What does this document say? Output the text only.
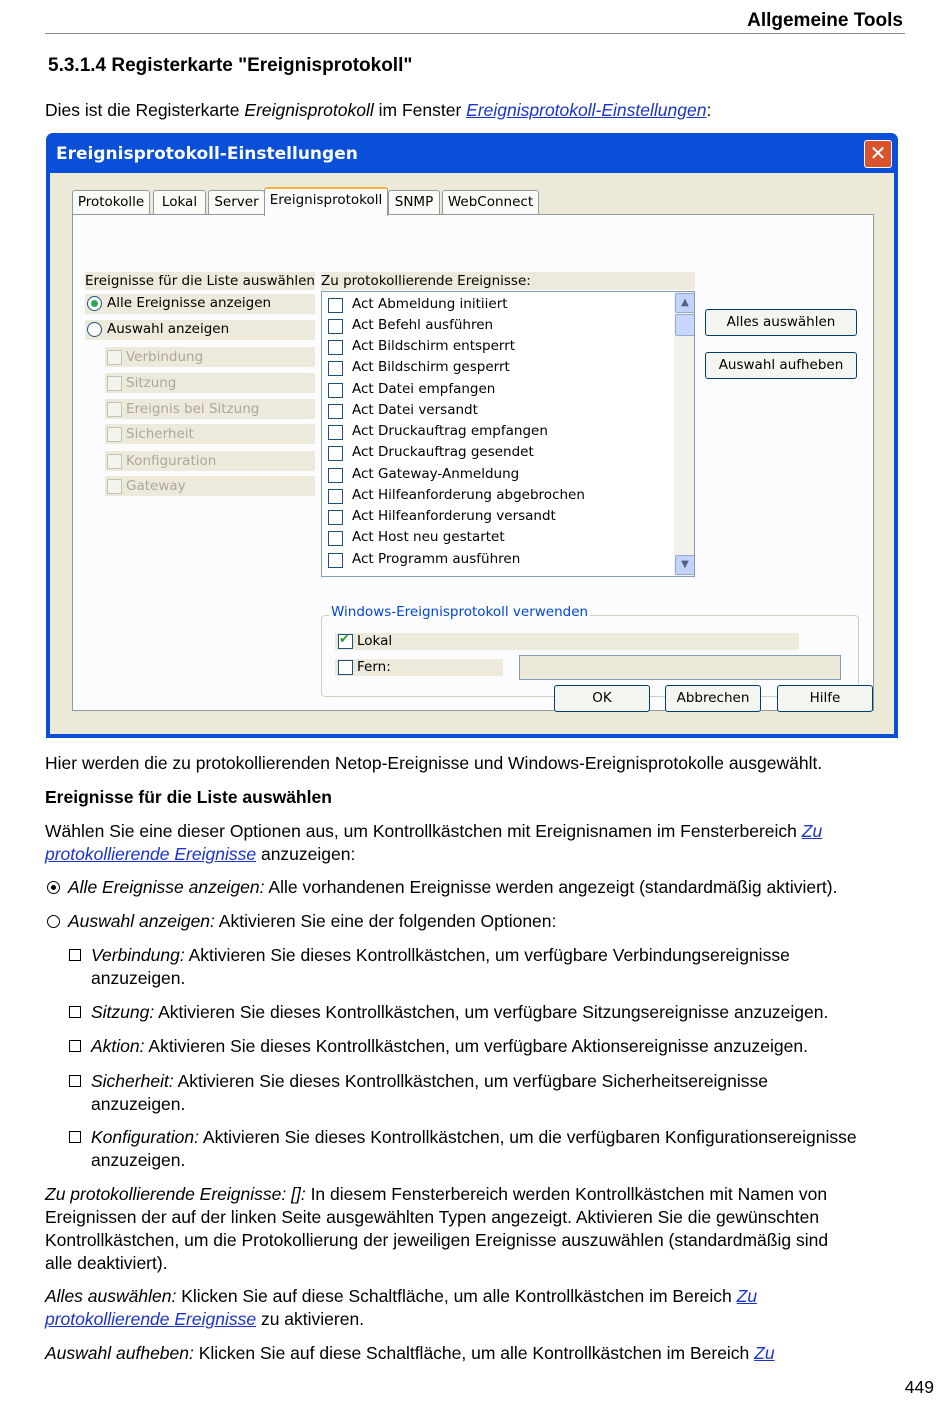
Allgemeine Tools
5.3.1.4 Registerkarte "Ereignisprotokoll"
Dies ist die Registerkarte Ereignisprotokoll im Fenster Ereignisprotokoll-Einstellungen:
Ereignisprotokoll-Einstellungen	✕
Protokolle	Lokal	Server Ereignisprotokoll SNMP	WebConnect
Ereignisse für die Liste auswählen Zu protokollierende Ereignisse:
Alle Ereignisse anzeigen
Auswahl anzeigen
Verbindung
Sitzung
Ereignis bei Sitzung
Sicherheit
Konfiguration
Gateway
Act Abmeldung initiiert
Act Befehl ausführen
Act Bildschirm entsperrt
Act Bildschirm gesperrt
Act Datei empfangen
Act Datei versandt
Act Druckauftrag empfangen
Act Druckauftrag gesendet
Act Gateway-Anmeldung
Act Hilfeanforderung abgebrochen
Act Hilfeanforderung versandt
Act Host neu gestartet
Act Programm ausführen
▲
▼
Alles auswählen
Auswahl aufheben
Windows-Ereignisprotokoll verwenden
✔
Lokal
Fern:
OK	Abbrechen	Hilfe
Hier werden die zu protokollierenden Netop-Ereignisse und Windows-Ereignisprotokolle ausgewählt.
Ereignisse für die Liste auswählen
Wählen Sie eine dieser Optionen aus, um Kontrollkästchen mit Ereignisnamen im Fensterbereich Zu protokollierende Ereignisse anzuzeigen:
Alle Ereignisse anzeigen: Alle vorhandenen Ereignisse werden angezeigt (standardmäßig aktiviert).
Auswahl anzeigen: Aktivieren Sie eine der folgenden Optionen:
Verbindung: Aktivieren Sie dieses Kontrollkästchen, um verfügbare Verbindungsereignisse
anzuzeigen.
Sitzung: Aktivieren Sie dieses Kontrollkästchen, um verfügbare Sitzungsereignisse anzuzeigen.
Aktion: Aktivieren Sie dieses Kontrollkästchen, um verfügbare Aktionsereignisse anzuzeigen.
Sicherheit: Aktivieren Sie dieses Kontrollkästchen, um verfügbare Sicherheitsereignisse
anzuzeigen.
Konfiguration: Aktivieren Sie dieses Kontrollkästchen, um die verfügbaren Konfigurationsereignisse
anzuzeigen.
Zu protokollierende Ereignisse: []: In diesem Fensterbereich werden Kontrollkästchen mit Namen von
Ereignissen der auf der linken Seite ausgewählten Typen angezeigt. Aktivieren Sie die gewünschten
Kontrollkästchen, um die Protokollierung der jeweiligen Ereignisse auszuwählen (standardmäßig sind
alle deaktiviert).
Alles auswählen: Klicken Sie auf diese Schaltfläche, um alle Kontrollkästchen im Bereich Zu
protokollierende Ereignisse zu aktivieren.
Auswahl aufheben: Klicken Sie auf diese Schaltfläche, um alle Kontrollkästchen im Bereich Zu
449
